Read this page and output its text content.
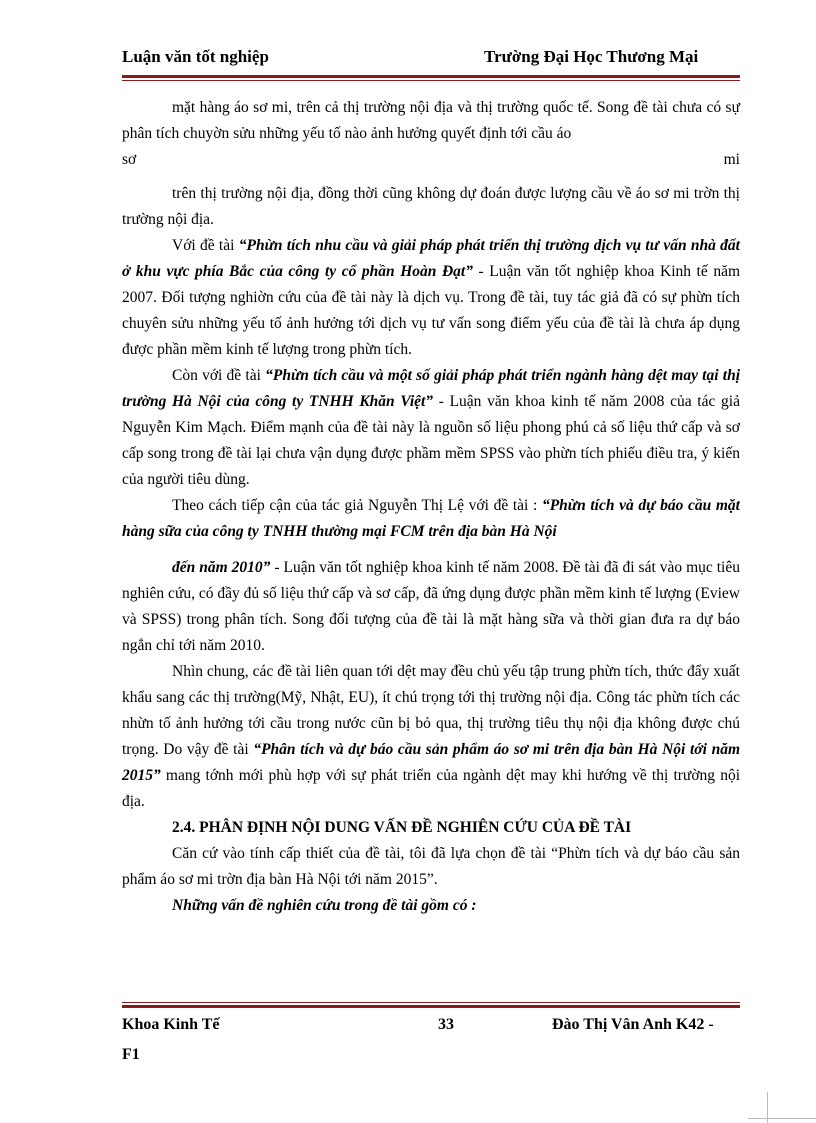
Luận văn tốt nghiệp	Trường Đại Học Thương Mại

mặt hàng áo sơ mi, trên cả thị trường nội địa và thị trường quốc tế. Song đề tài chưa có sự phân tích chuyờn sửu những yếu tố nào ảnh hưởng quyết định tới cầu áo

sơ	mi

trên thị trường nội địa, đồng thời cũng không dự đoán được lượng cầu về áo sơ mi trờn thị trường nội địa.

Với đề tài “Phừn tích nhu cầu và giải pháp phát triển thị trường dịch vụ tư vấn nhà đất ở khu vực phía Bắc của công ty cổ phần Hoàn Đạt” - Luận văn tốt nghiệp khoa Kinh tế năm 2007. Đối tượng nghiờn cứu của đề tài này là dịch vụ. Trong đề tài, tuy tác giả đã có sự phừn tích chuyên sửu những yếu tố ảnh hưởng tới dịch vụ tư vấn song điểm yếu của đề tài là chưa áp dụng được phần mềm kinh tế lượng trong phừn tích.

Còn với đề tài “Phừn tích cầu và một số giải pháp phát triển ngành hàng dệt may tại thị trường Hà Nội của công ty TNHH Khăn Việt” - Luận văn khoa kinh tế năm 2008 của tác giả Nguyễn Kim Mạch. Điểm mạnh của đề tài này là nguồn số liệu phong phú cả số liệu thứ cấp và sơ cấp song trong đề tài lại chưa vận dụng được phầm mềm SPSS vào phừn tích phiếu điều tra, ý kiến của người tiêu dùng.

Theo cách tiếp cận của tác giả Nguyễn Thị Lệ với đề tài : “Phừn tích và dự báo cầu mặt hàng sữa của công ty TNHH thường mại FCM trên địa bàn Hà Nội

đến năm 2010” - Luận văn tốt nghiệp khoa kinh tế năm 2008. Đề tài đã đi sát vào mục tiêu nghiên cứu, có đầy đủ số liệu thứ cấp và sơ cấp, đã ứng dụng được phần mềm kinh tế lượng (Eview và SPSS) trong phân tích. Song đối tượng của đề tài là mặt hàng sữa và thời gian đưa ra dự báo ngắn chỉ tới năm 2010.

Nhìn chung, các đề tài liên quan tới dệt may đều chủ yếu tập trung phừn tích, thức đẩy xuất khẩu sang các thị trường(Mỹ, Nhật, EU), ít chú trọng tới thị trường nội địa. Công tác phừn tích các nhừn tố ảnh hưởng tới cầu trong nước cũn bị bỏ qua, thị trường tiêu thụ nội địa không được chú trọng. Do vậy đề tài “Phân tích và dự báo cầu sản phẩm áo sơ mi trên địa bàn Hà Nội tới năm 2015” mang tớnh mới phù hợp với sự phát triển của ngành dệt may khi hướng về thị trường nội địa.

2.4. PHÂN ĐỊNH NỘI DUNG VẤN ĐỀ NGHIÊN CỨU CỦA ĐỀ TÀI

Căn cứ vào tính cấp thiết của đề tài, tôi đã lựa chọn đề tài “Phừn tích và dự báo cầu sản phẩm áo sơ mi trờn địa bàn Hà Nội tới năm 2015”.

Những vấn đề nghiên cứu trong đề tài gồm có :

Khoa Kinh Tế	33	Đào Thị Vân Anh K42 -
F1
